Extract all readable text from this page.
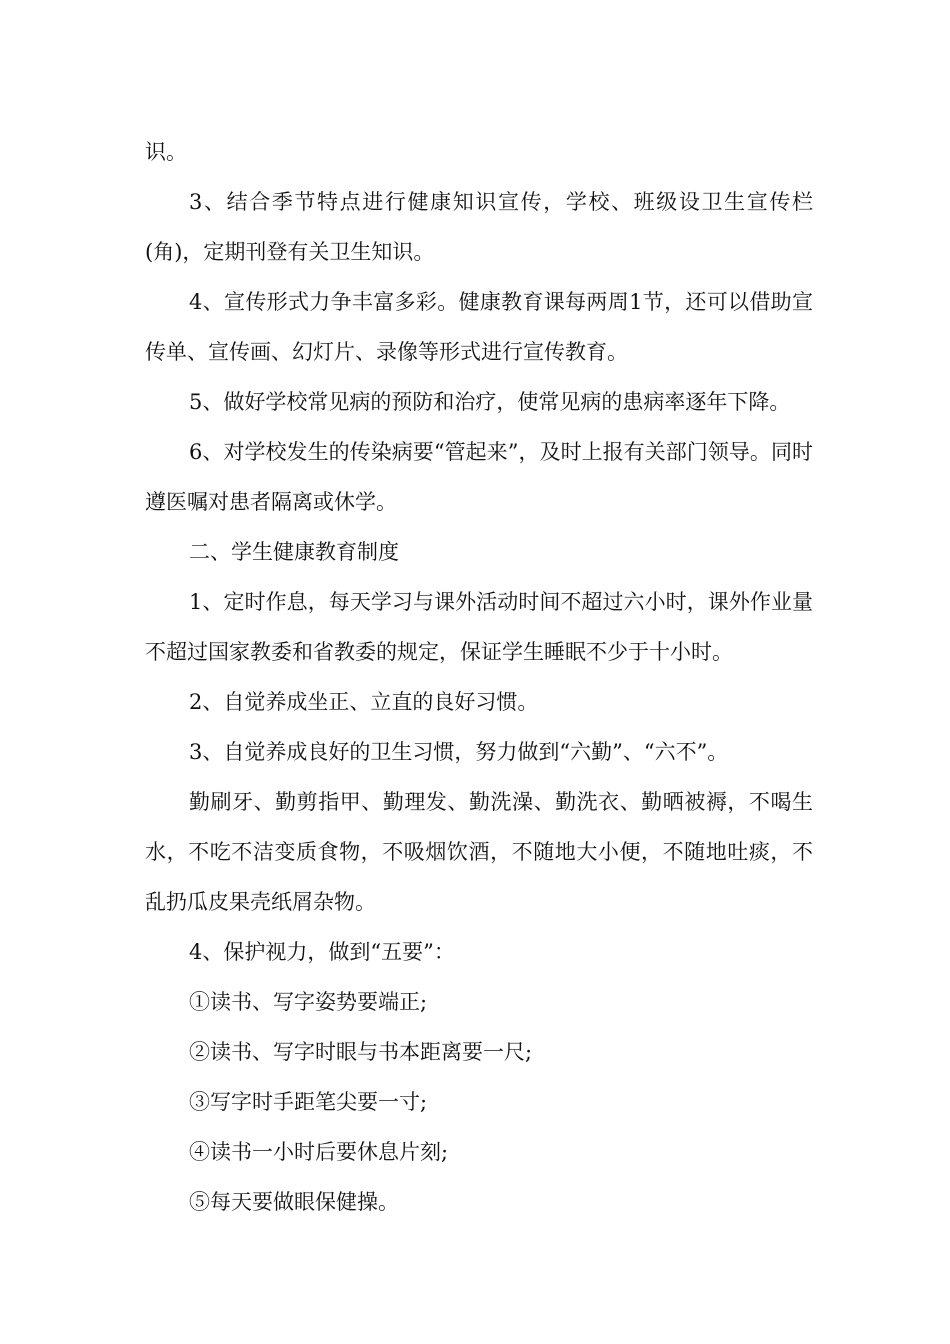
识。

3、结合季节特点进行健康知识宣传，学校、班级设卫生宣传栏(角)，定期刊登有关卫生知识。

4、宣传形式力争丰富多彩。健康教育课每两周1节，还可以借助宣传单、宣传画、幻灯片、录像等形式进行宣传教育。

5、做好学校常见病的预防和治疗，使常见病的患病率逐年下降。

6、对学校发生的传染病要“管起来”，及时上报有关部门领导。同时遵医嘱对患者隔离或休学。

二、学生健康教育制度

1、定时作息，每天学习与课外活动时间不超过六小时，课外作业量不超过国家教委和省教委的规定，保证学生睡眠不少于十小时。

2、自觉养成坐正、立直的良好习惯。

3、自觉养成良好的卫生习惯，努力做到“六勤”、“六不”。

勤刷牙、勤剪指甲、勤理发、勤洗澡、勤洗衣、勤晒被褥，不喝生水，不吃不洁变质食物，不吸烟饮酒，不随地大小便，不随地吐痰，不乱扔瓜皮果壳纸屑杂物。

4、保护视力，做到“五要”：

①读书、写字姿势要端正;

②读书、写字时眼与书本距离要一尺;

③写字时手距笔尖要一寸;

④读书一小时后要休息片刻;

⑤每天要做眼保健操。
